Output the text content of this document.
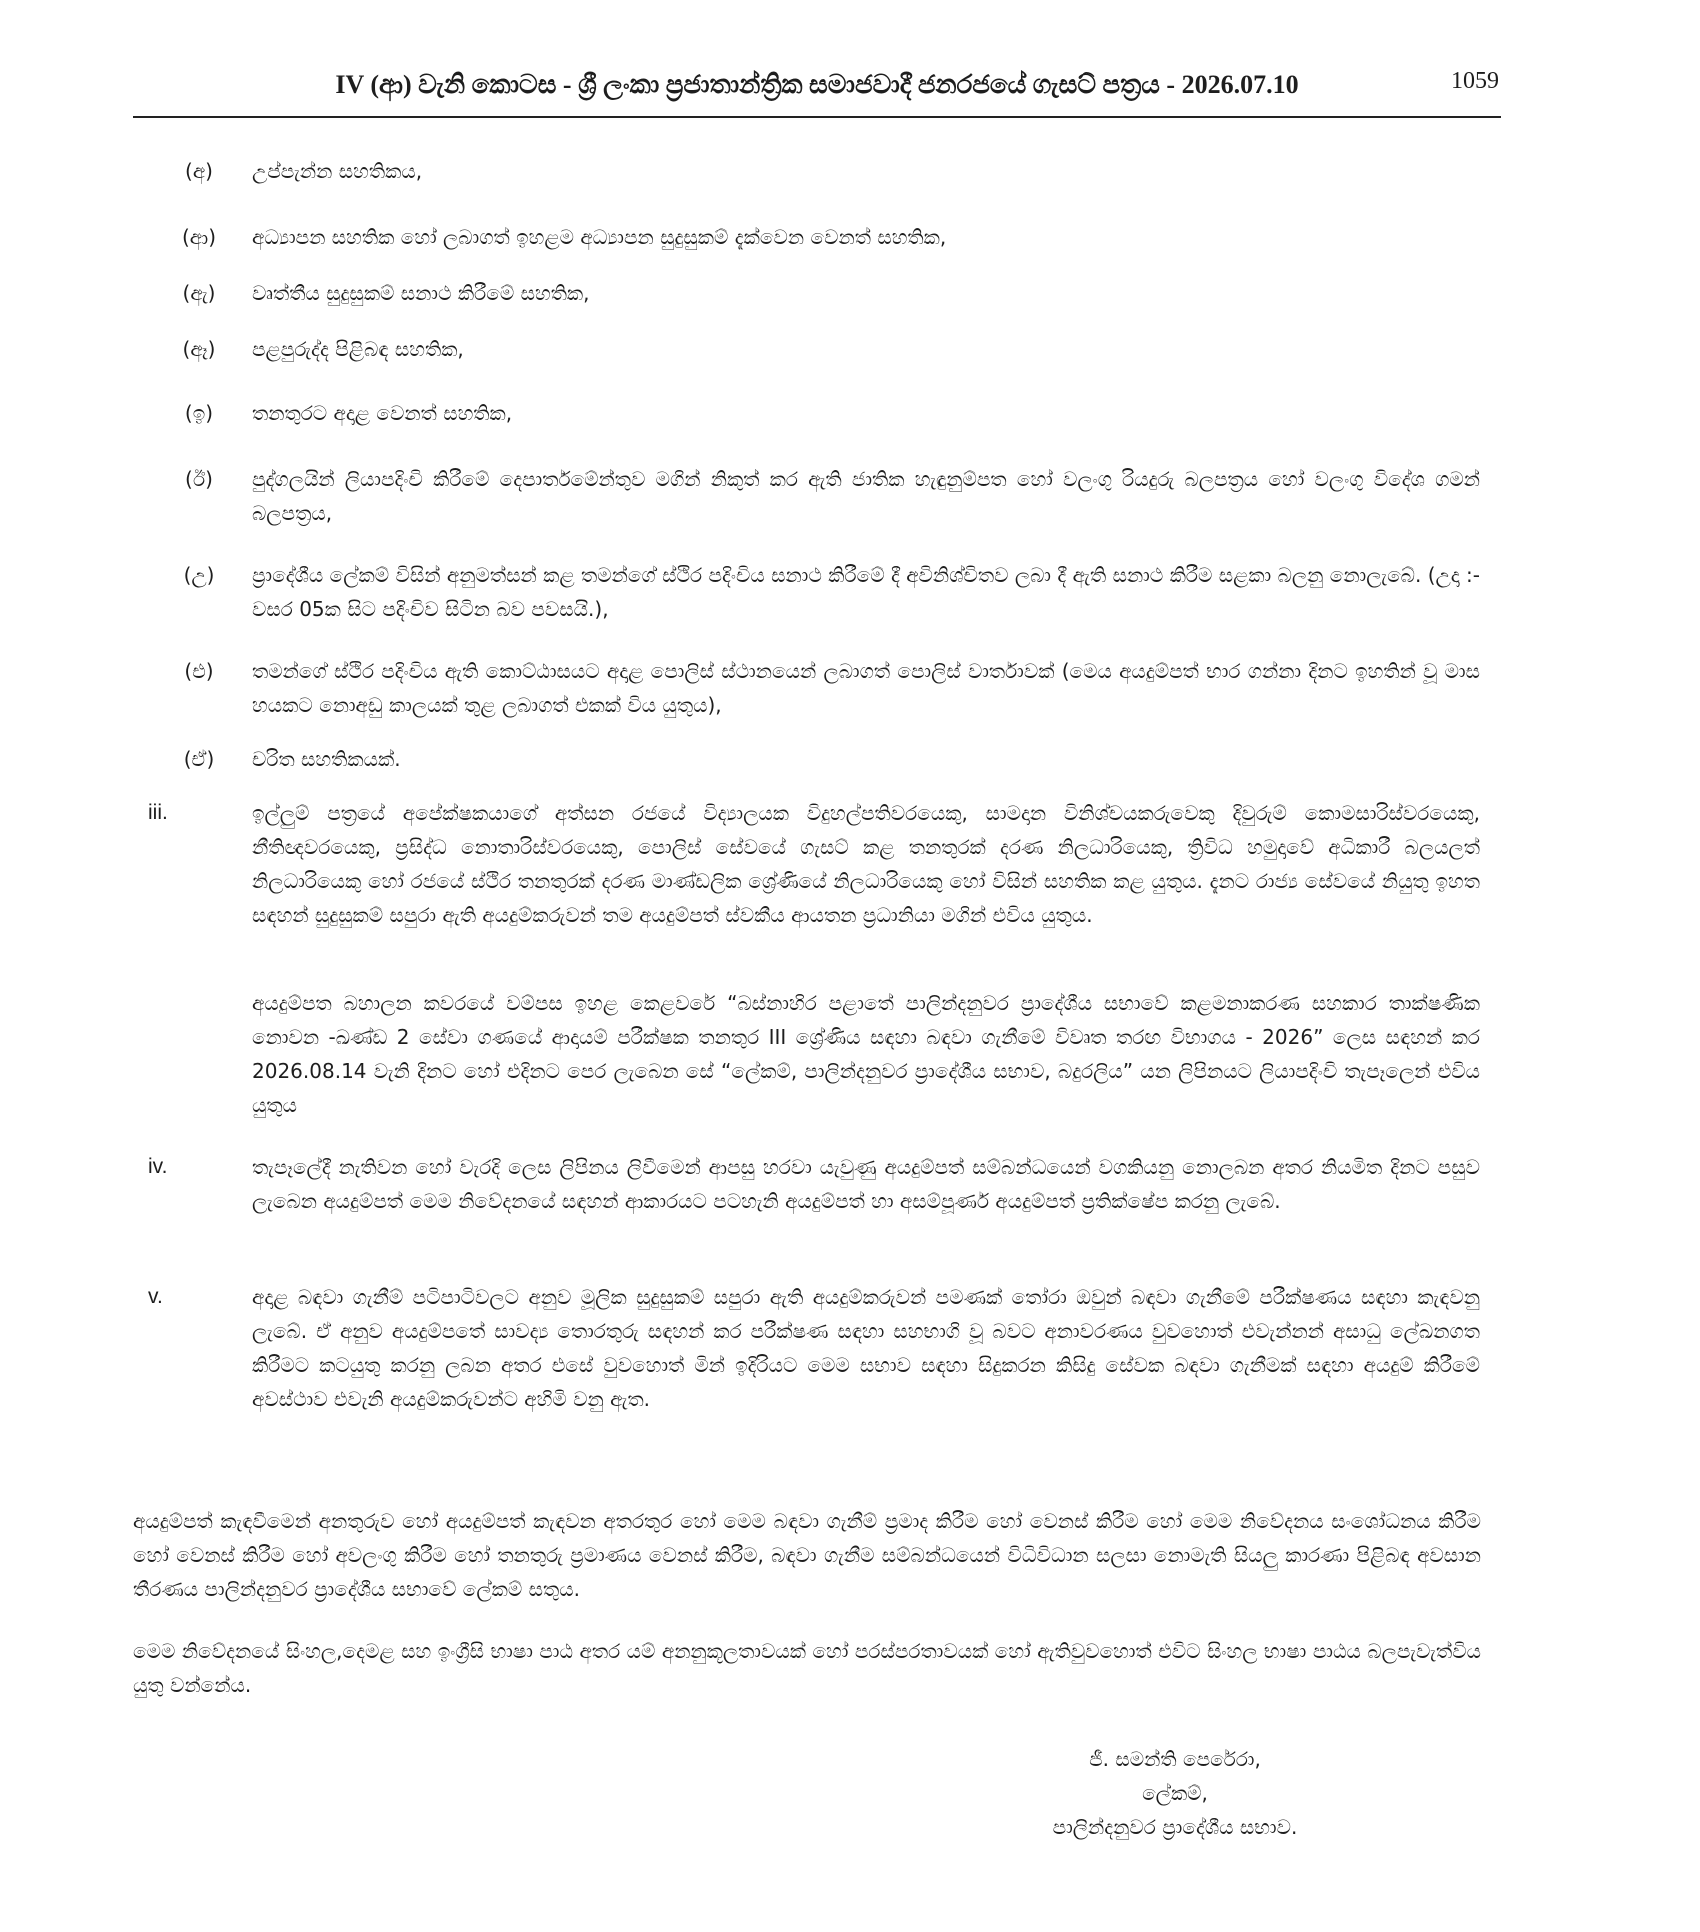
IV (ආ) වැනි කොටස - ශ්‍රී ලංකා ප්‍රජාතාන්ත්‍රික සමාජවාදී ජනරජයේ ගැසට් පත්‍රය - 2026.07.10	1059
(අ)	උප්පැන්න සහතිකය,
(ආ)	අධ්‍යාපන සහතික හෝ ලබාගත් ඉහළම අධ්‍යාපන සුදුසුකම් දැක්වෙන වෙනත් සහතික,
(ඇ)	වෘත්තීය සුදුසුකම් සනාථ කිරීමේ සහතික,
(ඈ)	පළපුරුද්ද පිළිබඳ සහතික,
(ඉ)	තනතුරට අදාළ වෙනත් සහතික,
(ඊ)	පුද්ගලයින් ලියාපදිංචි කිරීමේ දෙපාර්තමේන්තුව මගින් නිකුත් කර ඇති ජාතික හැඳුනුම්පත හෝ වලංගු රියදුරු බලපත්‍රය හෝ වලංගු විදේශ ගමන් බලපත්‍රය,
(උ)	ප්‍රාදේශීය ලේකම් විසින් අනුමත්සන් කළ තමන්ගේ ස්ථිර පදිංචිය සනාථ කිරීමේ දී අවිනිශ්චිතව ලබා දී ඇති සනාථ කිරීම සළකා බලනු නොලැබේ. (උදා :- වසර 05ක සිට පදිංචිව සිටින බව පවසයි.),
(එ)	තමන්ගේ ස්ථිර පදිංචිය ඇති කොට්ඨාසයට අදාළ පොලිස් ස්ථානයෙන් ලබාගත් පොලිස් වාර්තාවක් (මෙය අයදුම්පත් භාර ගන්නා දිනට ඉහතින් වූ මාස හයකට නොඅඩු කාලයක් තුළ ලබාගත් එකක් විය යුතුය),
(ඒ)	චරිත සහතිකයක්.
iii.	ඉල්ලුම් පත්‍රයේ අපේක්ෂකයාගේ අත්සන රජයේ විද්‍යාලයක විදුහල්පතිවරයෙකු, සාමදාන විනිශ්චයකරුවෙකු දිවුරුම් කොමසාරිස්වරයෙකු, නීතිඥවරයෙකු, ප්‍රසිද්ධ නොතාරිස්වරයෙකු, පොලිස් සේවයේ ගැසට් කළ තනතුරක් දරණ නිලධාරියෙකු, ත්‍රිවිධ හමුදාවේ අධිකාරී බලයලත් නිලධාරියෙකු හෝ රජයේ ස්ථිර තනතුරක් දරණ මාණ්ඩලික ශ්‍රේණියේ නිලධාරියෙකු හෝ විසින් සහතික කළ යුතුය. දැනට රාජ්‍ය සේවයේ නියුතු ඉහත සඳහන් සුදුසුකම් සපුරා ඇති අයදුම්කරුවන් තම අයදුම්පත් ස්වකීය ආයතන ප්‍රධානියා මගින් එවිය යුතුය.
අයදුම්පත බහාලන කවරයේ වම්පස ඉහළ කෙළවරේ “බස්නාහිර පළාතේ පාලින්දනුවර ප්‍රාදේශීය සභාවේ කළමනාකරණ සහකාර තාක්ෂණික නොවන -ඛණ්ඩ 2 සේවා ගණයේ ආදායම් පරීක්ෂක තනතුර III ශ්‍රේණිය සඳහා බඳවා ගැනීමේ විවෘත තරඟ විභාගය - 2026” ලෙස සඳහන් කර 2026.08.14 වැනි දිනට හෝ එදිනට පෙර ලැබෙන සේ “ලේකම්, පාලින්දනුවර ප්‍රාදේශීය සභාව, බදුරලිය” යන ලිපිනයට ලියාපදිංචි තැපෑලෙන් එවිය යුතුය
iv.	තැපෑලේදී නැතිවන හෝ වැරදි ලෙස ලිපිනය ලිවීමෙන් ආපසු හරවා යැවුණු අයදුම්පත් සම්බන්ධයෙන් වගකියනු නොලබන අතර නියමිත දිනට පසුව ලැබෙන අයදුම්පත් මෙම නිවේදනයේ සඳහන් ආකාරයට පටහැනි අයදුම්පත් හා අසම්පූර්ණ අයදුම්පත් ප්‍රතික්ෂේප කරනු ලැබේ.
v.	අදාළ බඳවා ගැනීම් පටිපාටිවලට අනුව මූලික සුදුසුකම් සපුරා ඇති අයදුම්කරුවන් පමණක් තෝරා ඔවුන් බඳවා ගැනීමේ පරීක්ෂණය සඳහා කැඳවනු ලැබේ. ඒ අනුව අයදුම්පතේ සාවද්‍ය තොරතුරු සඳහන් කර පරීක්ෂණ සඳහා සහභාගි වූ බවට අනාවරණය වුවහොත් එවැන්නන් අසාධු ලේඛනගත කිරීමට කටයුතු කරනු ලබන අතර එසේ වුවහොත් මින් ඉදිරියට මෙම සභාව සඳහා සිදුකරන කිසිදු සේවක බඳවා ගැනීමක් සඳහා අයදුම් කිරීමේ අවස්ථාව එවැනි අයදුම්කරුවන්ට අහිමි වනු ඇත.
අයදුම්පත් කැඳවීමෙන් අනතුරුව හෝ අයදුම්පත් කැඳවන අතරතුර හෝ මෙම බඳවා ගැනීම් ප්‍රමාද කිරීම හෝ වෙනස් කිරීම හෝ මෙම නිවේදනය සංශෝධනය කිරීම හෝ වෙනස් කිරීම හෝ අවලංගු කිරීම හෝ තනතුරු ප්‍රමාණය වෙනස් කිරීම, බඳවා ගැනීම සම්බන්ධයෙන් විධිවිධාන සලසා නොමැති සියලු කාරණා පිළිබඳ අවසාන තීරණය පාලින්දනුවර ප්‍රාදේශීය සභාවේ ලේකම් සතුය.
මෙම නිවේදනයේ සිංහල,දෙමළ සහ ඉංග්‍රීසි භාෂා පාඨ අතර යම් අනනුකූලතාවයක් හෝ පරස්පරතාවයක් හෝ ඇතිවුවහොත් එවිට සිංහල භාෂා පාඨය බලපැවැත්විය යුතු වන්නේය.
ජී. සමන්ති පෙරේරා,
ලේකම්,
පාලින්දනුවර ප්‍රාදේශීය සභාව.
